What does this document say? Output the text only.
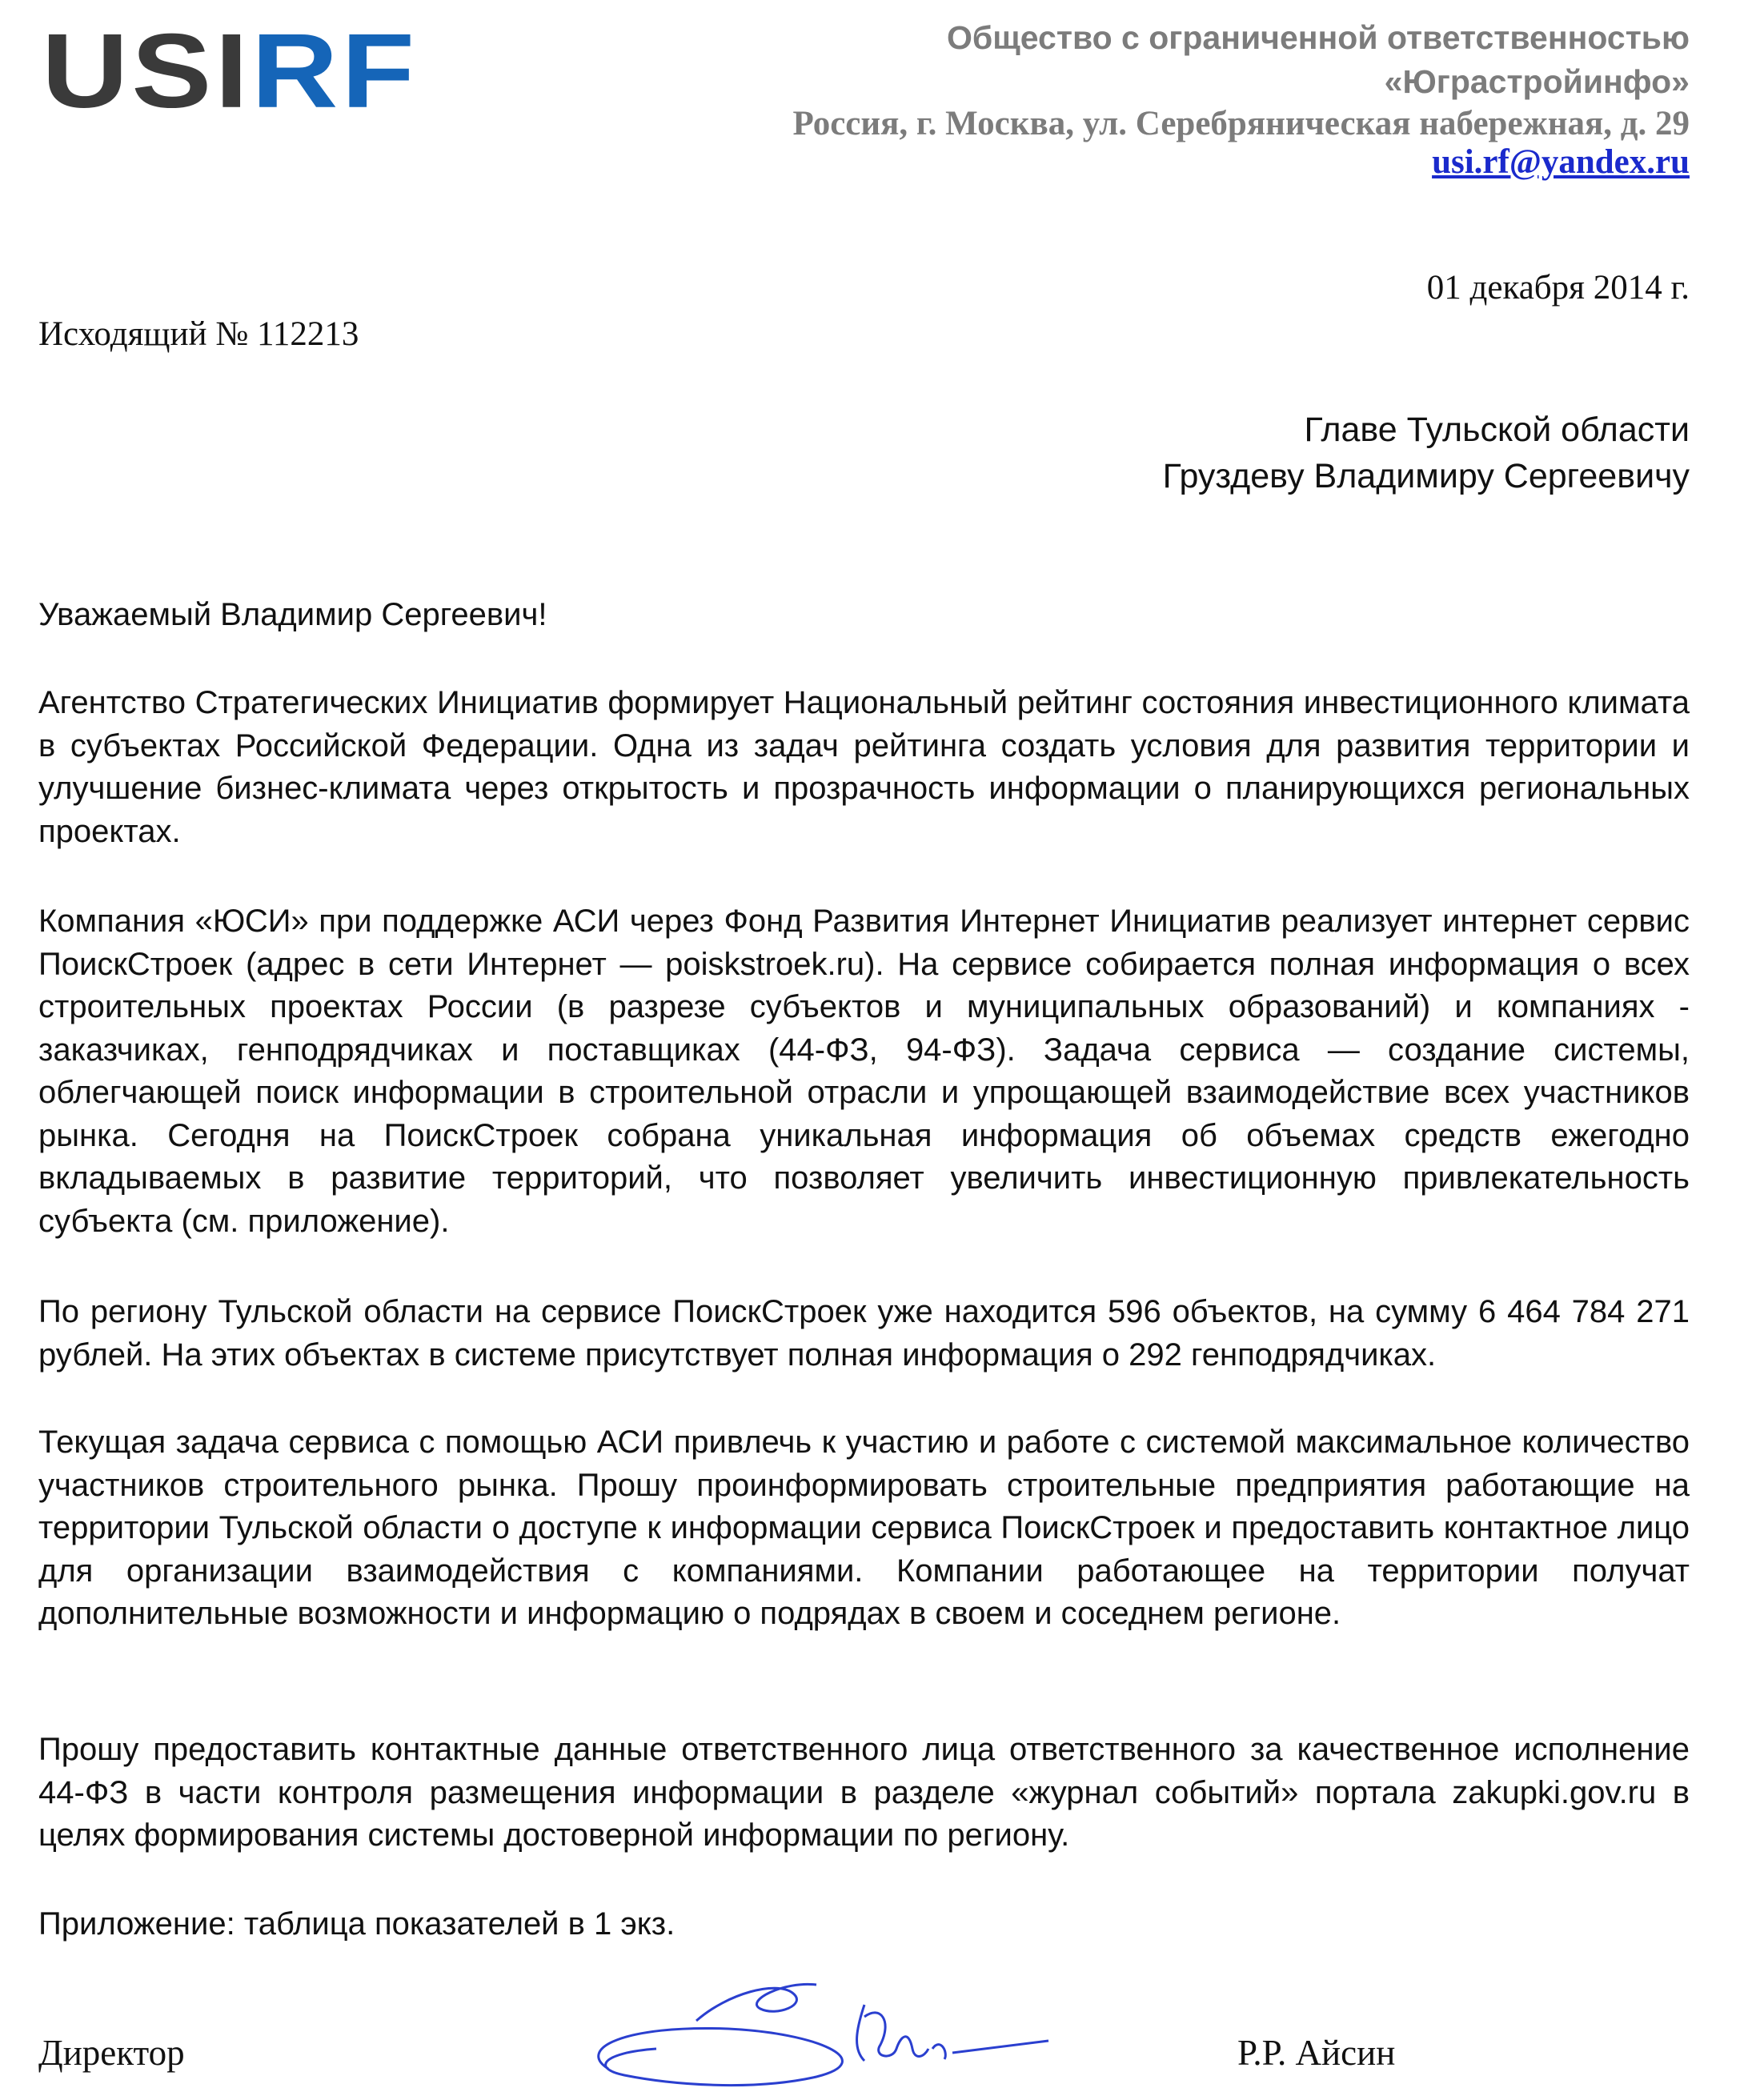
USIRF	Общество с ограниченной ответственностью
«Юграстройинфо»
Россия, г. Москва, ул. Серебряническая набережная, д. 29
usi.rf@yandex.ru
01 декабря 2014 г.
Исходящий № 112213
Главе Тульской области
Груздеву Владимиру Сергеевичу
Уважаемый Владимир Сергеевич!

Агентство Стратегических Инициатив формирует Национальный рейтинг состояния инвестиционного климата в субъектах Российской Федерации. Одна из задач рейтинга создать условия для развития территории и улучшение бизнес-климата через открытость и прозрачность информации о планирующихся региональных проектах.

Компания «ЮСИ» при поддержке АСИ через Фонд Развития Интернет Инициатив реализует интернет сервис ПоискСтроек (адрес в сети Интернет — poiskstroek.ru). На сервисе собирается полная информация о всех строительных проектах России (в разрезе субъектов и муниципальных образований) и компаниях - заказчиках, генподрядчиках и поставщиках (44-ФЗ, 94-ФЗ). Задача сервиса — создание системы, облегчающей поиск информации в строительной отрасли и упрощающей взаимодействие всех участников рынка. Сегодня на ПоискСтроек собрана уникальная информация об объемах средств ежегодно вкладываемых в развитие территорий, что позволяет увеличить инвестиционную привлекательность субъекта (см. приложение).

По региону Тульской области на сервисе ПоискСтроек уже находится 596 объектов, на сумму 6 464 784 271 рублей. На этих объектах в системе присутствует полная информация о 292 генподрядчиках.

Текущая задача сервиса с помощью АСИ привлечь к участию и работе с системой максимальное количество участников строительного рынка. Прошу проинформировать строительные предприятия работающие на территории Тульской области о доступе к информации сервиса ПоискСтроек и предоставить контактное лицо для организации взаимодействия с компаниями. Компании работающее на территории получат дополнительные возможности и информацию о подрядах в своем и соседнем регионе.

Прошу предоставить контактные данные ответственного лица ответственного за качественное исполнение 44-ФЗ в части контроля размещения информации в разделе «журнал событий» портала zakupki.gov.ru в целях формирования системы достоверной информации по региону.

Приложение: таблица показателей в 1 экз.
Директор	Р.Р. Айсин
